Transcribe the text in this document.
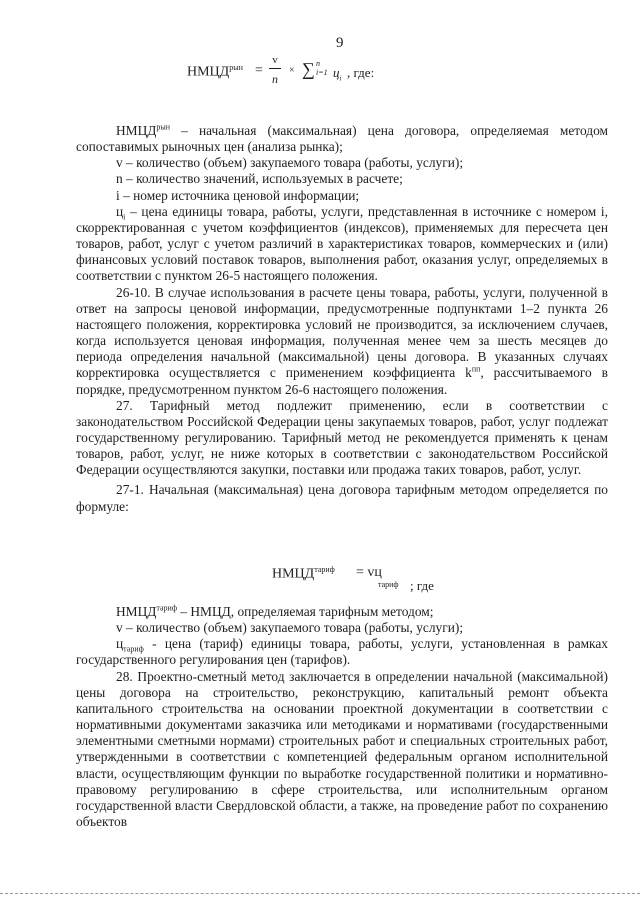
9
$НМЦД^{рын}$ =
v
n
× ∑ n
i=1 $ц_i$ , где:

$НМЦД^{рын}$ – начальная (максимальная) цена договора, определяемая методом сопоставимых рыночных цен (анализа рынка);

v – количество (объем) закупаемого товара (работы, услуги);

n – количество значений, используемых в расчете;

i – номер источника ценовой информации;

$ц_i$ – цена единицы товара, работы, услуги, представленная в источнике с номером i, скорректированная с учетом коэффициентов (индексов), применяемых для пересчета цен товаров, работ, услуг с учетом различий в характеристиках товаров, коммерческих и (или) финансовых условий поставок товаров, выполнения работ, оказания услуг, определяемых в соответствии с пунктом 26-5 настоящего положения.

26-10. В случае использования в расчете цены товара, работы, услуги, полученной в ответ на запросы ценовой информации, предусмотренные подпунктами 1–2 пункта 26 настоящего положения, корректировка условий не производится, за исключением случаев, когда используется ценовая информация, полученная менее чем за шесть месяцев до периода определения начальной (максимальной) цены договора. В указанных случаях корректировка осуществляется с применением коэффициента $k^{пп}$, рассчитываемого в порядке, предусмотренном пунктом 26-6 настоящего положения.

27. Тарифный метод подлежит применению, если в соответствии с законодательством Российской Федерации цены закупаемых товаров, работ, услуг подлежат государственному регулированию. Тарифный метод не рекомендуется применять к ценам товаров, работ, услуг, не ниже которых в соответствии с законодательством Российской Федерации осуществляются закупки, поставки или продажа таких товаров, работ, услуг.

27-1. Начальная (максимальная) цена договора тарифным методом определяется по формуле:

$НМЦД^{тариф}$ = vц
тариф ; где

$НМЦД^{тариф}$ – НМЦД, определяемая тарифным методом;

v – количество (объем) закупаемого товара (работы, услуги);

$ц_{тариф}$ - цена (тариф) единицы товара, работы, услуги, установленная в рамках государственного регулирования цен (тарифов).

28. Проектно-сметный метод заключается в определении начальной (максимальной) цены договора на строительство, реконструкцию, капитальный ремонт объекта капитального строительства на основании проектной документации в соответствии с нормативными документами заказчика или методиками и нормативами (государственными элементными сметными нормами) строительных работ и специальных строительных работ, утвержденными в соответствии с компетенцией федеральным органом исполнительной власти, осуществляющим функции по выработке государственной политики и нормативно-правовому регулированию в сфере строительства, или исполнительным органом государственной власти Свердловской области, а также, на проведение работ по сохранению объектов
